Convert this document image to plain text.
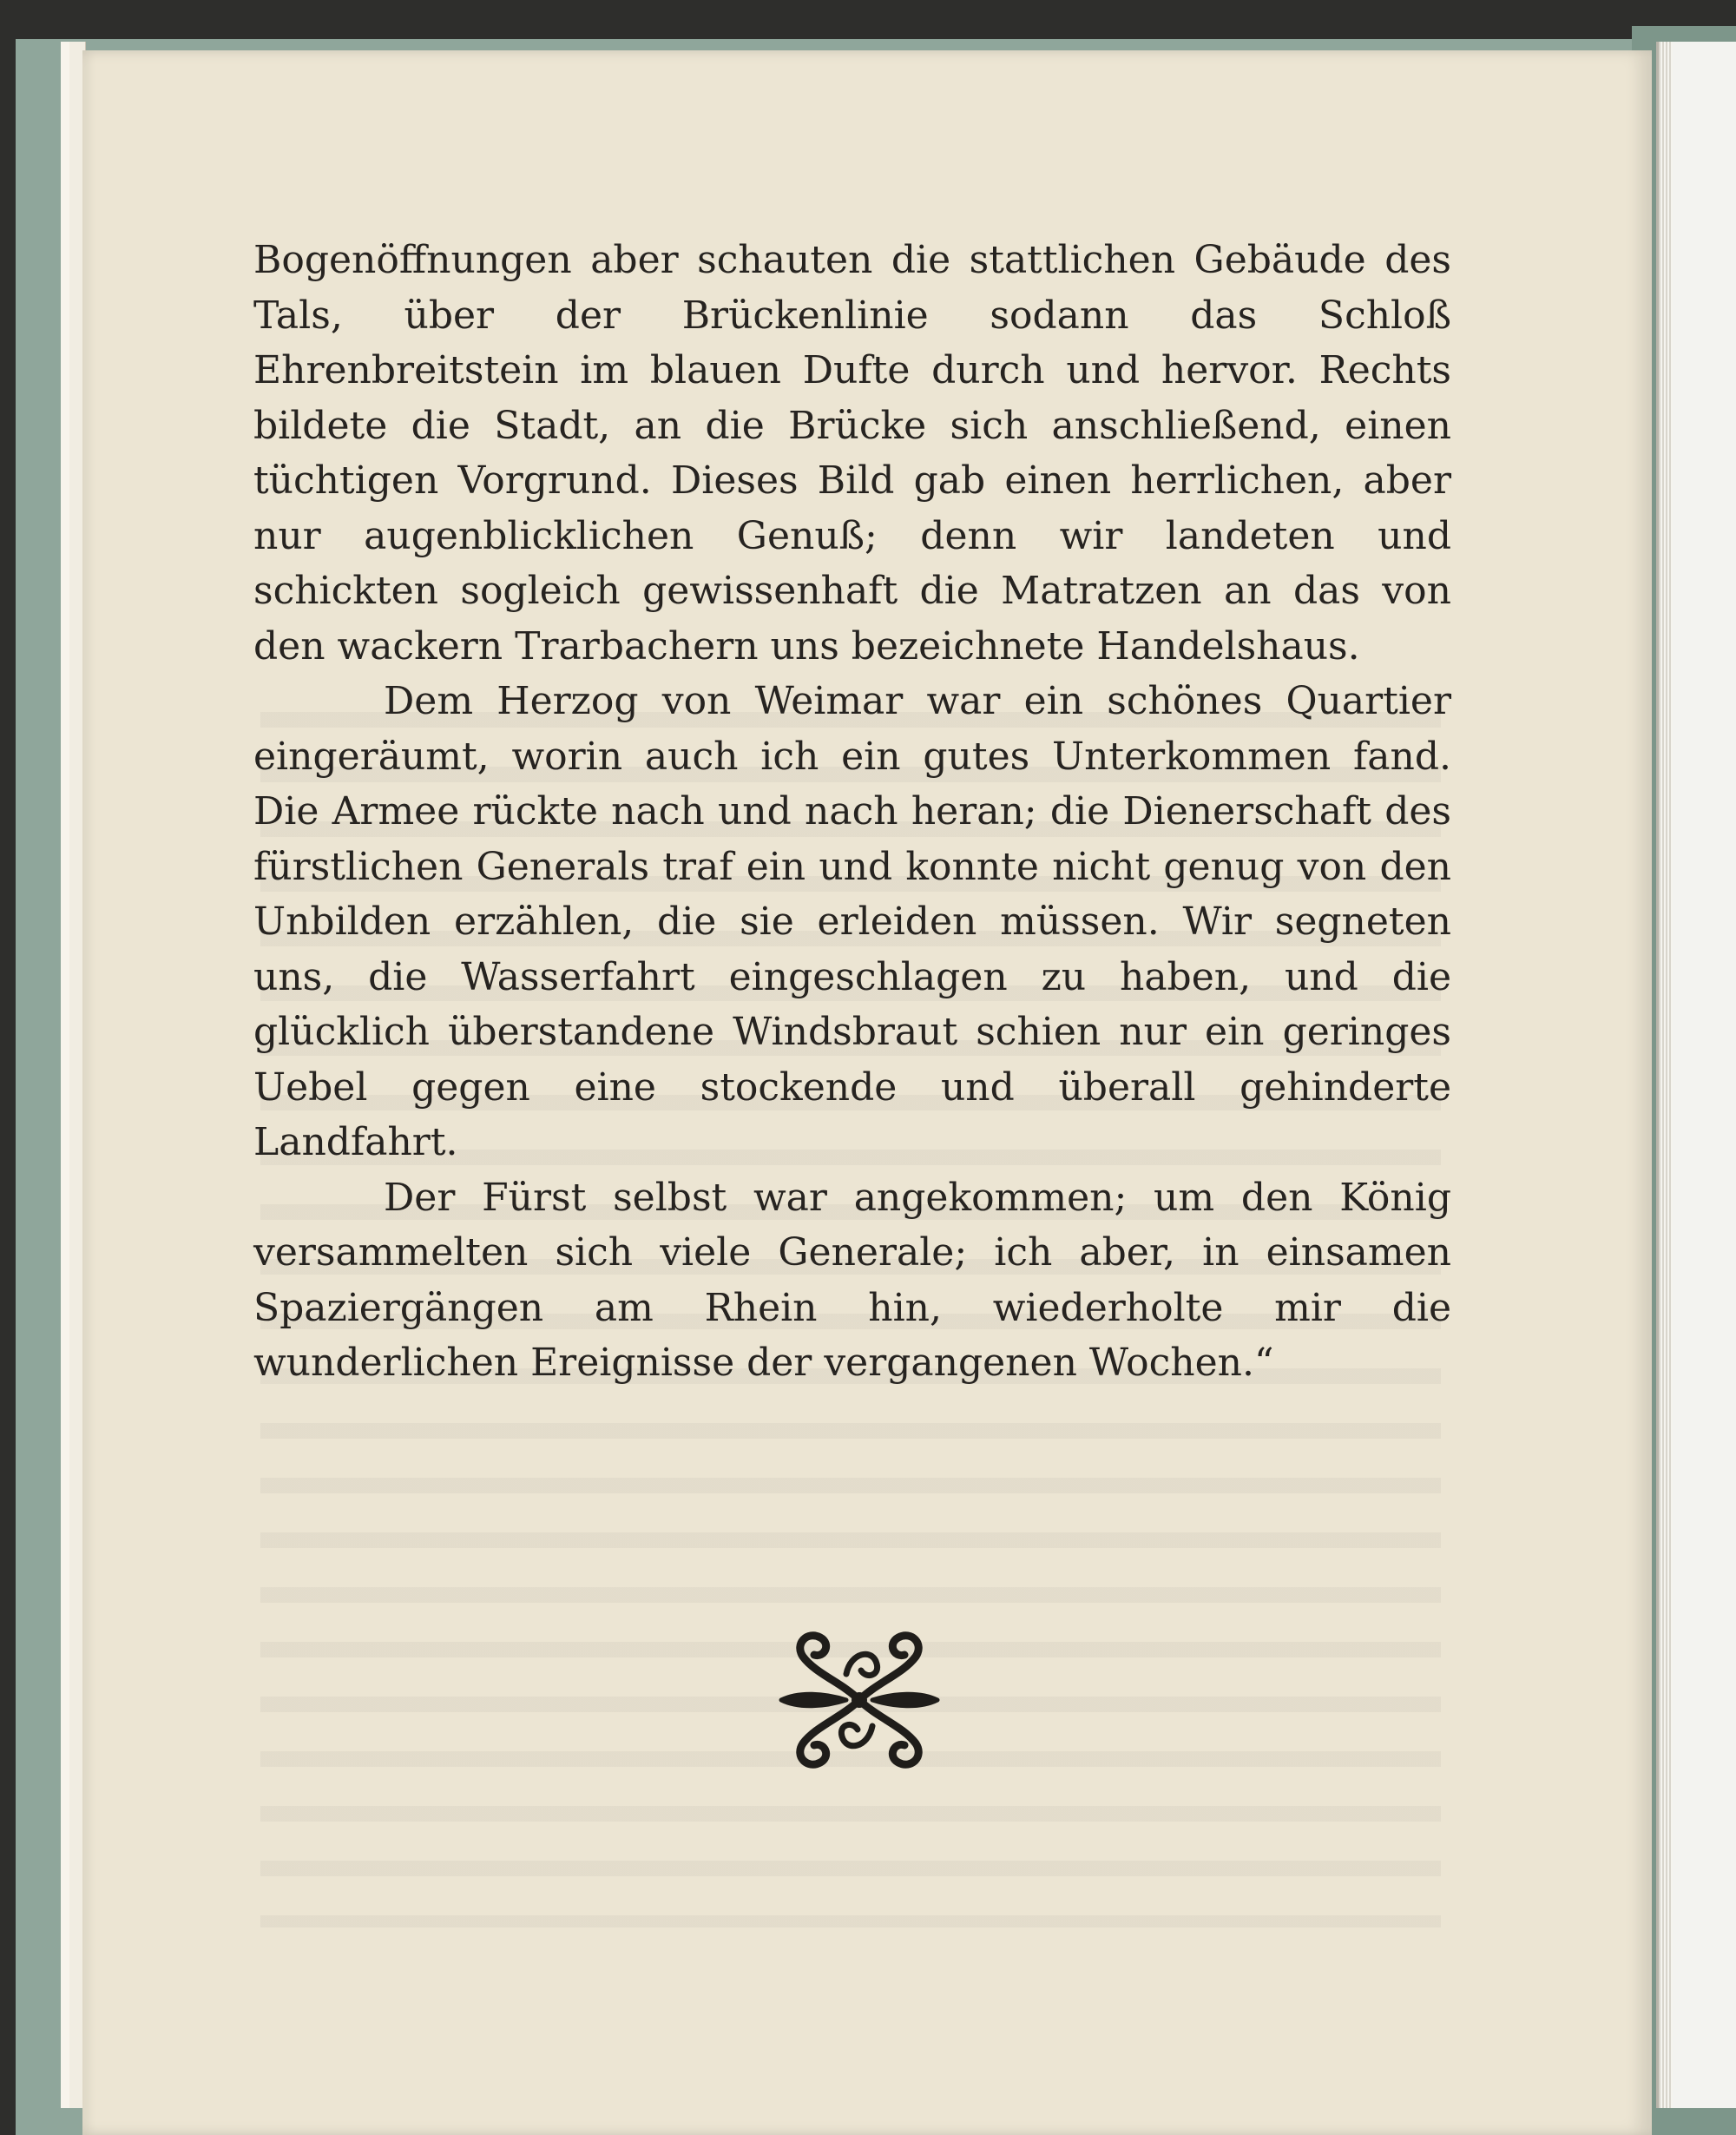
Bogenöffnungen aber schauten die stattlichen Gebäude des Tals, über der Brückenlinie sodann das Schloß Ehrenbreitstein im blauen Dufte durch und hervor. Rechts bildete die Stadt, an die Brücke sich anschließend, einen tüchtigen Vorgrund. Dieses Bild gab einen herrlichen, aber nur augenblicklichen Genuß; denn wir landeten und schickten sogleich gewissenhaft die Matratzen an das von den wackern Trarbachern uns bezeichnete Handelshaus.

Dem Herzog von Weimar war ein schönes Quartier eingeräumt, worin auch ich ein gutes Unterkommen fand. Die Armee rückte nach und nach heran; die Dienerschaft des fürstlichen Generals traf ein und konnte nicht genug von den Unbilden erzählen, die sie erleiden müssen. Wir segneten uns, die Wasserfahrt eingeschlagen zu haben, und die glücklich überstandene Windsbraut schien nur ein geringes Uebel gegen eine stockende und überall gehinderte Landfahrt.

Der Fürst selbst war angekommen; um den König versammelten sich viele Generale; ich aber, in einsamen Spaziergängen am Rhein hin, wiederholte mir die wunderlichen Ereignisse der vergangenen Wochen.“
